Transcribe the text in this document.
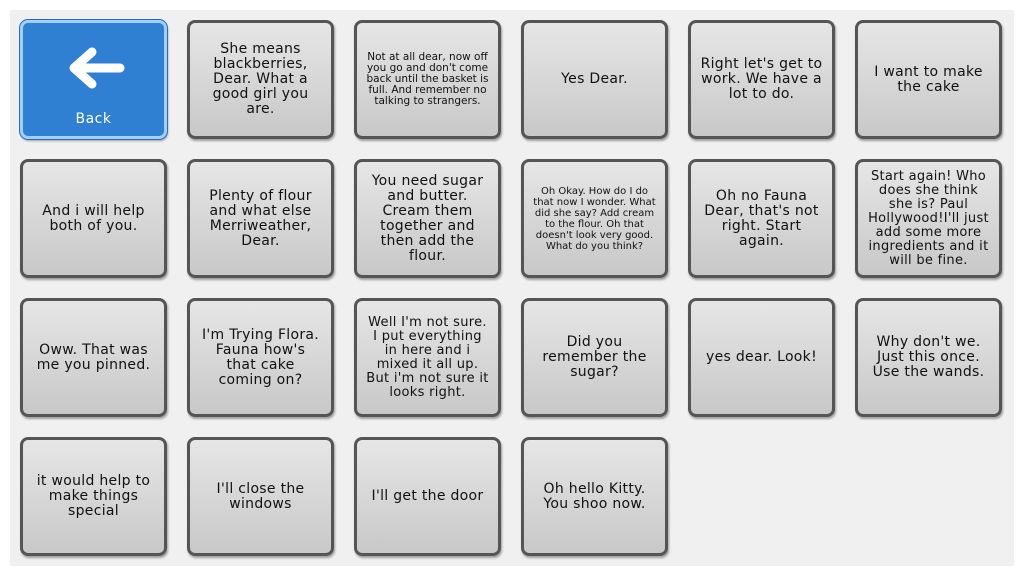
Back
She means blackberries, Dear. What a good girl you are.
Not at all dear, now off you go and don't come back until the basket is full. And remember no talking to strangers.
Yes Dear.
Right let's get to work. We have a lot to do.
I want to make the cake
And i will help both of you.
Plenty of flour and what else Merriweather, Dear.
You need sugar and butter. Cream them together and then add the flour.
Oh Okay. How do I do that now I wonder. What did she say? Add cream to the flour. Oh that doesn't look very good. What do you think?
Oh no Fauna Dear, that's not right. Start again.
Start again! Who does she think she is? Paul Hollywood!I'll just add some more ingredients and it will be fine.
Oww. That was me you pinned.
I'm Trying Flora. Fauna how's that cake coming on?
Well I'm not sure. I put everything in here and i mixed it all up. But i'm not sure it looks right.
Did you remember the sugar?
yes dear. Look!
Why don't we. Just this once. Use the wands.
it would help to make things special
I'll close the windows	I'll get the door	Oh hello Kitty. You shoo now.
